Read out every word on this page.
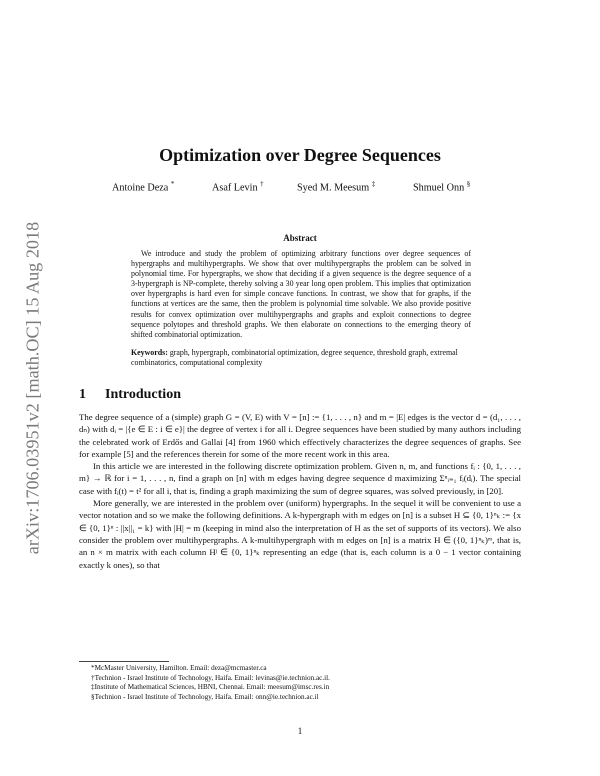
arXiv:1706.03951v2 [math.OC] 15 Aug 2018
Optimization over Degree Sequences
Antoine Deza *	Asaf Levin †	Syed M. Meesum ‡	Shmuel Onn §
Abstract
We introduce and study the problem of optimizing arbitrary functions over degree sequences of hypergraphs and multihypergraphs. We show that over multihypergraphs the problem can be solved in polynomial time. For hypergraphs, we show that deciding if a given sequence is the degree sequence of a 3-hypergraph is NP-complete, thereby solving a 30 year long open problem. This implies that optimization over hypergraphs is hard even for simple concave functions. In contrast, we show that for graphs, if the functions at vertices are the same, then the problem is polynomial time solvable. We also provide positive results for convex optimization over multihypergraphs and graphs and exploit connections to degree sequence polytopes and threshold graphs. We then elaborate on connections to the emerging theory of shifted combinatorial optimization.
Keywords: graph, hypergraph, combinatorial optimization, degree sequence, threshold graph, extremal combinatorics, computational complexity
1 Introduction

The degree sequence of a (simple) graph G = (V, E) with V = [n] := {1, . . . , n} and m = |E| edges is the vector d = (d₁, . . . , dₙ) with dᵢ = |{e ∈ E : i ∈ e}| the degree of vertex i for all i. Degree sequences have been studied by many authors including the celebrated work of Erdős and Gallai [4] from 1960 which effectively characterizes the degree sequences of graphs. See for example [5] and the references therein for some of the more recent work in this area.

In this article we are interested in the following discrete optimization problem. Given n, m, and functions fᵢ : {0, 1, . . . , m} → ℝ for i = 1, . . . , n, find a graph on [n] with m edges having degree sequence d maximizing Σⁿᵢ₌₁ fᵢ(dᵢ). The special case with fᵢ(t) = t² for all i, that is, finding a graph maximizing the sum of degree squares, was solved previously, in [20].

More generally, we are interested in the problem over (uniform) hypergraphs. In the sequel it will be convenient to use a vector notation and so we make the following definitions. A k-hypergraph with m edges on [n] is a subset H ⊆ {0, 1}ⁿₖ := {x ∈ {0, 1}ⁿ : ||x||₁ = k} with |H| = m (keeping in mind also the interpretation of H as the set of supports of its vectors). We also consider the problem over multihypergraphs. A k-multihypergraph with m edges on [n] is a matrix H ∈ ({0, 1}ⁿₖ)ᵐ, that is, an n × m matrix with each column Hʲ ∈ {0, 1}ⁿₖ representing an edge (that is, each column is a 0 − 1 vector containing exactly k ones), so that

*McMaster University, Hamilton. Email: deza@mcmaster.ca
†Technion - Israel Institute of Technology, Haifa. Email: levinas@ie.technion.ac.il.
‡Institute of Mathematical Sciences, HBNI, Chennai. Email: meesum@imsc.res.in
§Technion - Israel Institute of Technology, Haifa. Email: onn@ie.technion.ac.il
1
